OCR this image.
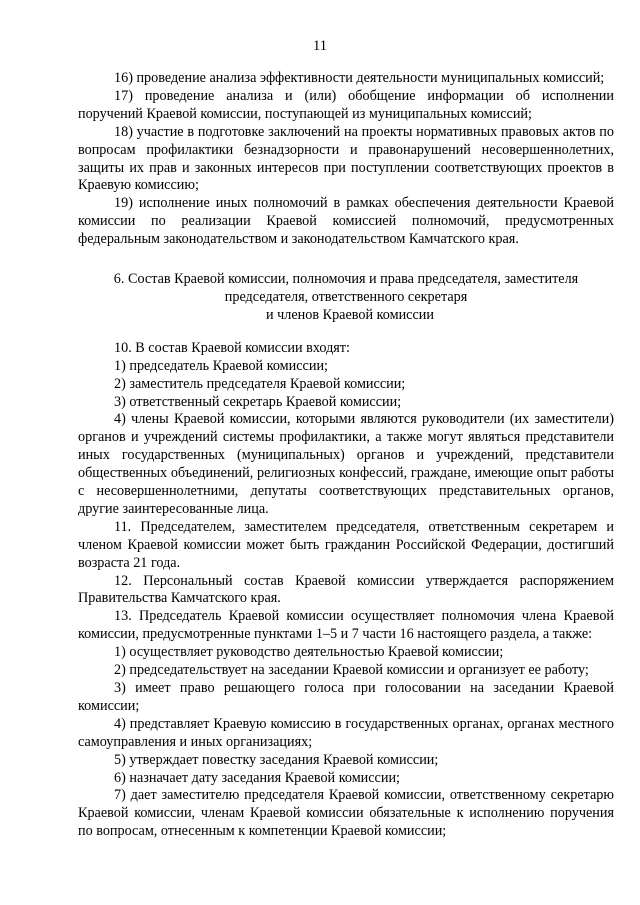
11

16) проведение анализа эффективности деятельности муниципальных комиссий;

17) проведение анализа и (или) обобщение информации об исполнении поручений Краевой комиссии, поступающей из муниципальных комиссий;

18) участие в подготовке заключений на проекты нормативных правовых актов по вопросам профилактики безнадзорности и правонарушений несовершеннолетних, защиты их прав и законных интересов при поступлении соответствующих проектов в Краевую комиссию;

19) исполнение иных полномочий в рамках обеспечения деятельности Краевой комиссии по реализации Краевой комиссией полномочий, предусмотренных федеральным законодательством и законодательством Камчатского края.

6. Состав Краевой комиссии, полномочия и права председателя, заместителя
председателя, ответственного секретаря
и членов Краевой комиссии

10. В состав Краевой комиссии входят:

1) председатель Краевой комиссии;

2) заместитель председателя Краевой комиссии;

3) ответственный секретарь Краевой комиссии;

4) члены Краевой комиссии, которыми являются руководители (их заместители) органов и учреждений системы профилактики, а также могут являться представители иных государственных (муниципальных) органов и учреждений, представители общественных объединений, религиозных конфессий, граждане, имеющие опыт работы с несовершеннолетними, депутаты соответствующих представительных органов, другие заинтересованные лица.

11. Председателем, заместителем председателя, ответственным секретарем и членом Краевой комиссии может быть гражданин Российской Федерации, достигший возраста 21 года.

12. Персональный состав Краевой комиссии утверждается распоряжением Правительства Камчатского края.

13. Председатель Краевой комиссии осуществляет полномочия члена Краевой комиссии, предусмотренные пунктами 1–5 и 7 части 16 настоящего раздела, а также:

1) осуществляет руководство деятельностью Краевой комиссии;

2) председательствует на заседании Краевой комиссии и организует ее работу;

3) имеет право решающего голоса при голосовании на заседании Краевой комиссии;

4) представляет Краевую комиссию в государственных органах, органах местного самоуправления и иных организациях;

5) утверждает повестку заседания Краевой комиссии;

6) назначает дату заседания Краевой комиссии;

7) дает заместителю председателя Краевой комиссии, ответственному секретарю Краевой комиссии, членам Краевой комиссии обязательные к исполнению поручения по вопросам, отнесенным к компетенции Краевой комиссии;
